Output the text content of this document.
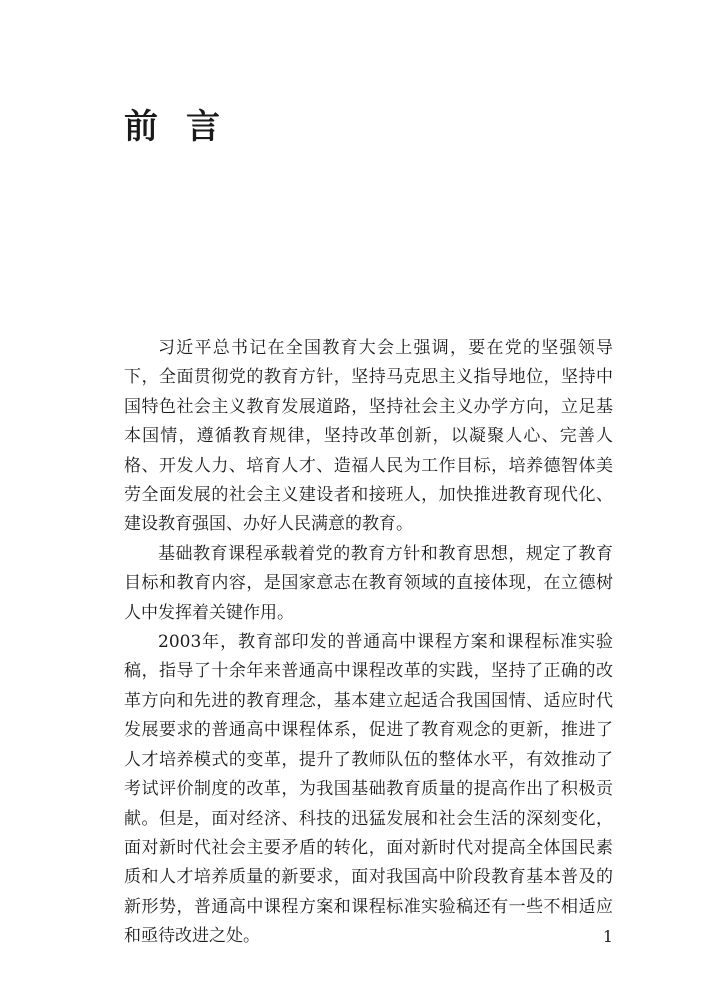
前言

习近平总书记在全国教育大会上强调，要在党的坚强领导下，全面贯彻党的教育方针，坚持马克思主义指导地位，坚持中国特色社会主义教育发展道路，坚持社会主义办学方向，立足基本国情，遵循教育规律，坚持改革创新，以凝聚人心、完善人格、开发人力、培育人才、造福人民为工作目标，培养德智体美劳全面发展的社会主义建设者和接班人，加快推进教育现代化、建设教育强国、办好人民满意的教育。

基础教育课程承载着党的教育方针和教育思想，规定了教育目标和教育内容，是国家意志在教育领域的直接体现，在立德树人中发挥着关键作用。

2003年，教育部印发的普通高中课程方案和课程标准实验稿，指导了十余年来普通高中课程改革的实践，坚持了正确的改革方向和先进的教育理念，基本建立起适合我国国情、适应时代发展要求的普通高中课程体系，促进了教育观念的更新，推进了人才培养模式的变革，提升了教师队伍的整体水平，有效推动了考试评价制度的改革，为我国基础教育质量的提高作出了积极贡献。但是，面对经济、科技的迅猛发展和社会生活的深刻变化，面对新时代社会主要矛盾的转化，面对新时代对提高全体国民素质和人才培养质量的新要求，面对我国高中阶段教育基本普及的新形势，普通高中课程方案和课程标准实验稿还有一些不相适应和亟待改进之处。	1
